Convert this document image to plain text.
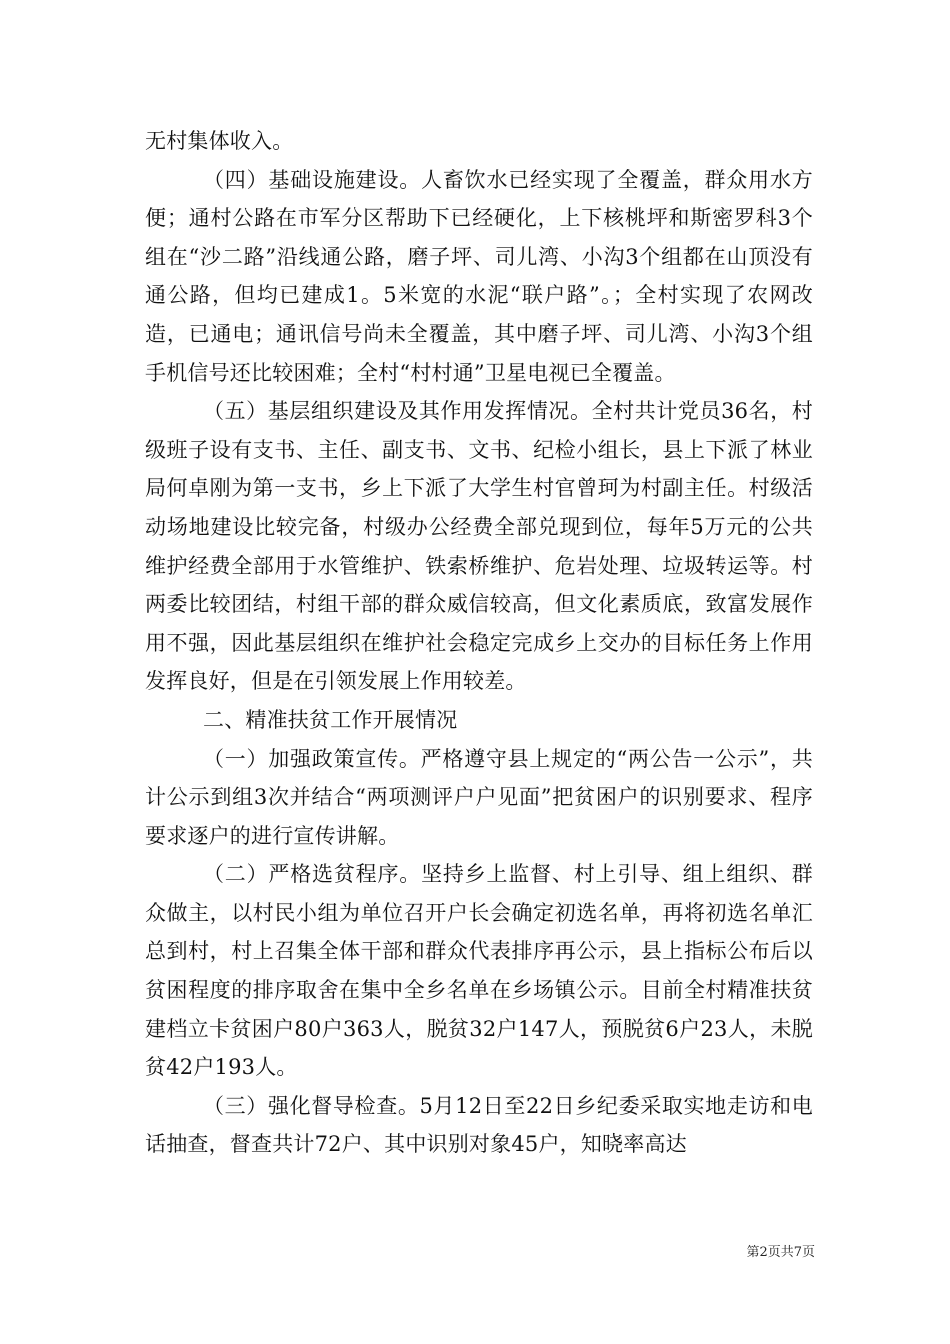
无村集体收入。

（四）基础设施建设。人畜饮水已经实现了全覆盖，群众用水方便；通村公路在市军分区帮助下已经硬化，上下核桃坪和斯密罗科3个组在“沙二路”沿线通公路，磨子坪、司儿湾、小沟3个组都在山顶没有通公路，但均已建成1。5米宽的水泥“联户路”。；全村实现了农网改造，已通电；通讯信号尚未全覆盖，其中磨子坪、司儿湾、小沟3个组手机信号还比较困难；全村“村村通”卫星电视已全覆盖。

（五）基层组织建设及其作用发挥情况。全村共计党员36名，村级班子设有支书、主任、副支书、文书、纪检小组长，县上下派了林业局何卓刚为第一支书，乡上下派了大学生村官曾珂为村副主任。村级活动场地建设比较完备，村级办公经费全部兑现到位，每年5万元的公共维护经费全部用于水管维护、铁索桥维护、危岩处理、垃圾转运等。村两委比较团结，村组干部的群众威信较高，但文化素质底，致富发展作用不强，因此基层组织在维护社会稳定完成乡上交办的目标任务上作用发挥良好，但是在引领发展上作用较差。

二、精准扶贫工作开展情况

（一）加强政策宣传。严格遵守县上规定的“两公告一公示”，共计公示到组3次并结合“两项测评户户见面”把贫困户的识别要求、程序要求逐户的进行宣传讲解。

（二）严格选贫程序。坚持乡上监督、村上引导、组上组织、群众做主，以村民小组为单位召开户长会确定初选名单，再将初选名单汇总到村，村上召集全体干部和群众代表排序再公示，县上指标公布后以贫困程度的排序取舍在集中全乡名单在乡场镇公示。目前全村精准扶贫建档立卡贫困户80户363人，脱贫32户147人，预脱贫6户23人，未脱贫42户193人。

（三）强化督导检查。5月12日至22日乡纪委采取实地走访和电话抽查，督查共计72户、其中识别对象45户，知晓率高达

第2页共7页
